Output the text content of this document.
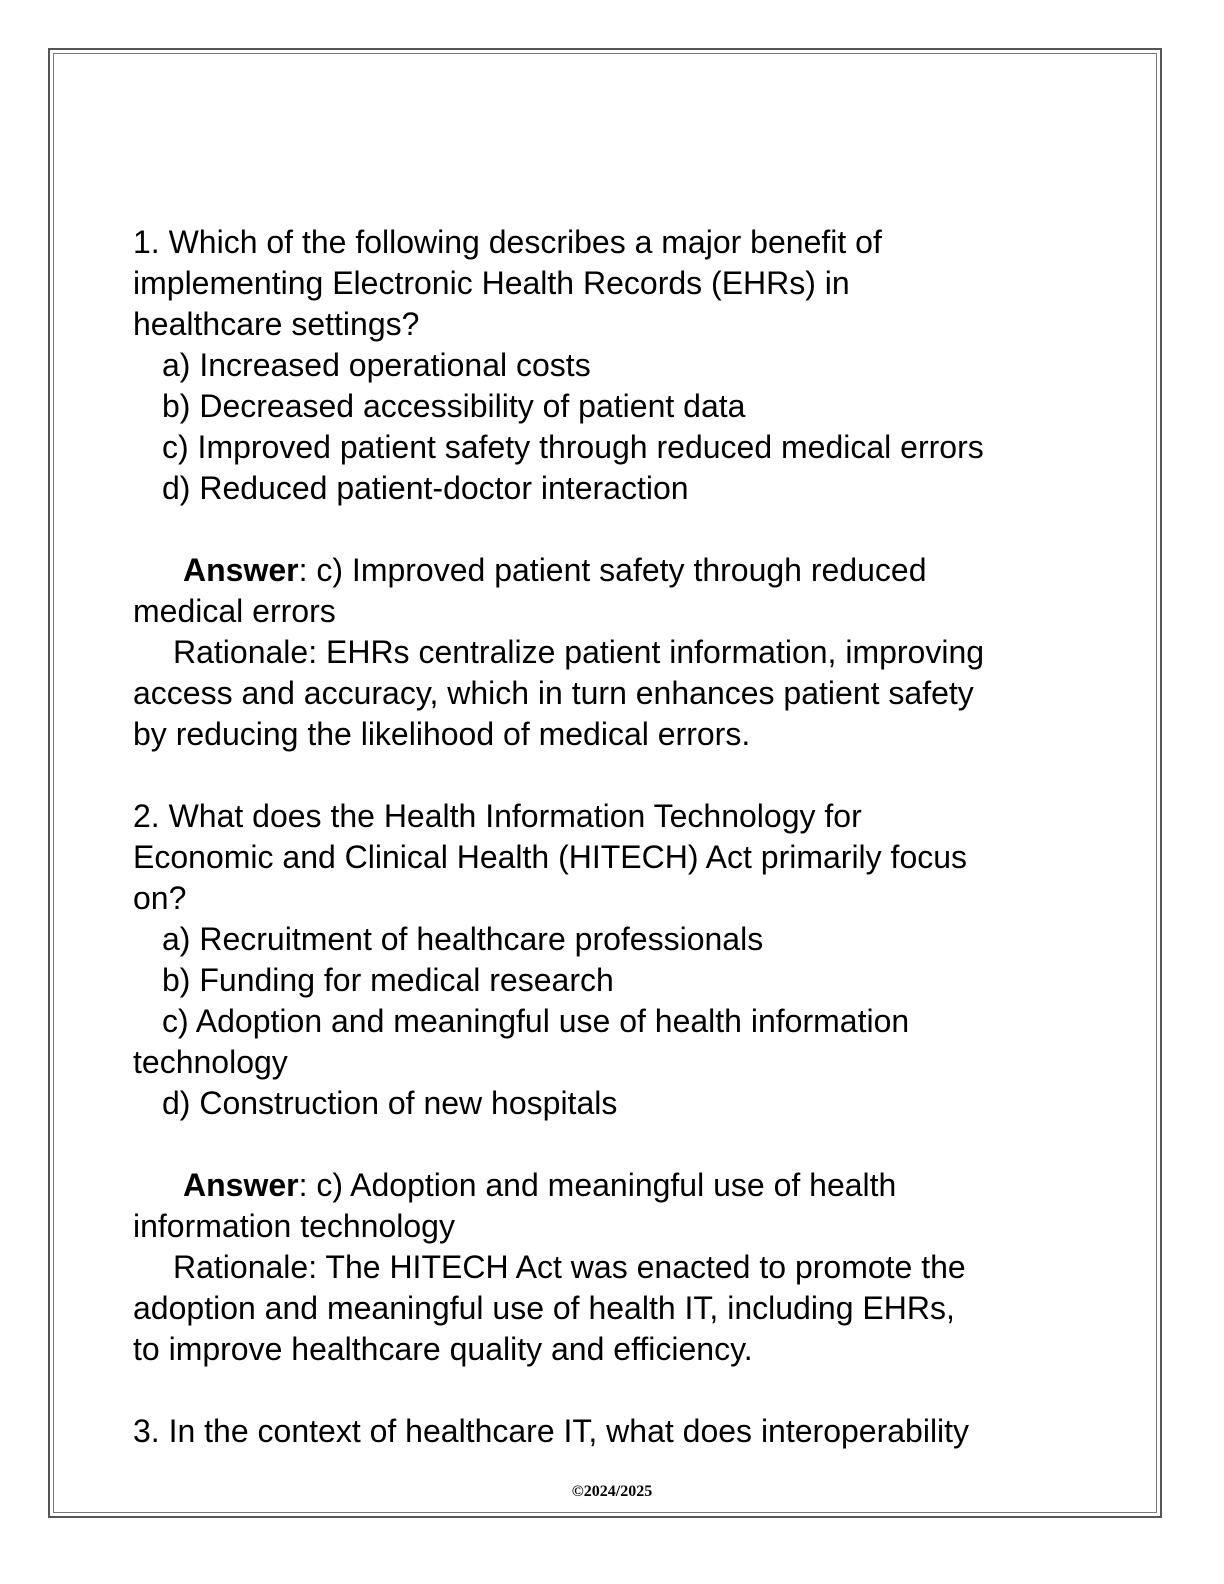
1. Which of the following describes a major benefit of
implementing Electronic Health Records (EHRs) in
healthcare settings?
a) Increased operational costs
b) Decreased accessibility of patient data
c) Improved patient safety through reduced medical errors
d) Reduced patient-doctor interaction
Answer: c) Improved patient safety through reduced
medical errors
Rationale: EHRs centralize patient information, improving
access and accuracy, which in turn enhances patient safety
by reducing the likelihood of medical errors.
2. What does the Health Information Technology for
Economic and Clinical Health (HITECH) Act primarily focus
on?
a) Recruitment of healthcare professionals
b) Funding for medical research
c) Adoption and meaningful use of health information
technology
d) Construction of new hospitals
Answer: c) Adoption and meaningful use of health
information technology
Rationale: The HITECH Act was enacted to promote the
adoption and meaningful use of health IT, including EHRs,
to improve healthcare quality and efficiency.
3. In the context of healthcare IT, what does interoperability
©2024/2025
